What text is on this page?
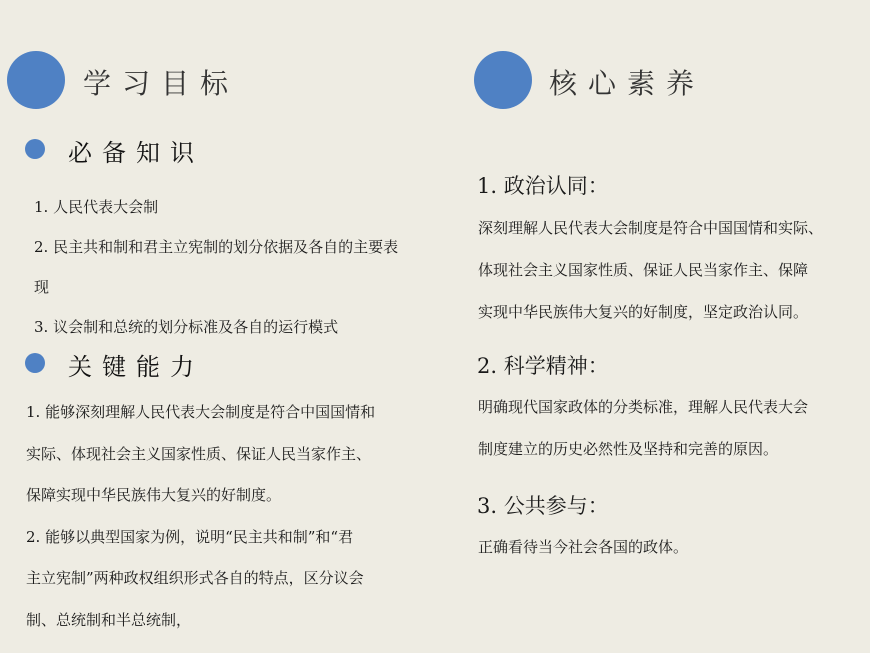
学习目标
必备知识

1. 人民代表大会制

2. 民主共和制和君主立宪制的划分依据及各自的主要表

现

3. 议会制和总统的划分标准及各自的运行模式

关键能力

1. 能够深刻理解人民代表大会制度是符合中国国情和

实际、体现社会主义国家性质、保证人民当家作主、

保障实现中华民族伟大复兴的好制度。

2. 能够以典型国家为例，说明“民主共和制”和“君

主立宪制”两种政权组织形式各自的特点，区分议会

制、总统制和半总统制，

核心素养
1. 政治认同：

深刻理解人民代表大会制度是符合中国国情和实际、

体现社会主义国家性质、保证人民当家作主、保障

实现中华民族伟大复兴的好制度，坚定政治认同。

2. 科学精神：

明确现代国家政体的分类标准，理解人民代表大会

制度建立的历史必然性及坚持和完善的原因。

3. 公共参与：

正确看待当今社会各国的政体。
